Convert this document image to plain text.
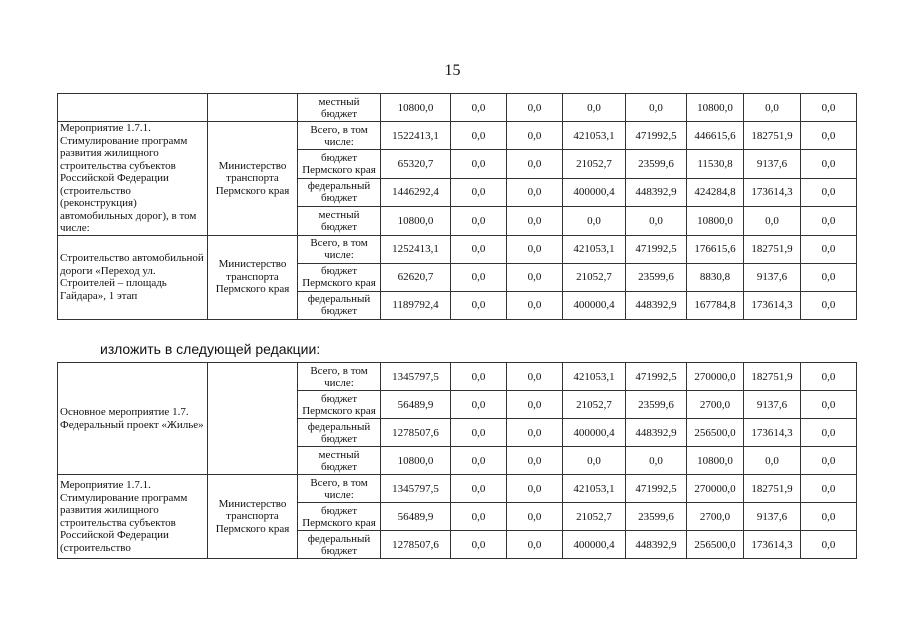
15
		местный бюджет	10800,0	0,0	0,0	0,0	0,0	10800,0	0,0	0,0
Мероприятие 1.7.1. Стимулирование программ развития жилищного строительства субъектов Российской Федерации (строительство (реконструкция) автомобильных дорог), в том числе:	Министерство транспорта Пермского края	Всего, в том числе:	1522413,1	0,0	0,0	421053,1	471992,5	446615,6	182751,9	0,0
		бюджет Пермского края	65320,7	0,0	0,0	21052,7	23599,6	11530,8	9137,6	0,0
		федеральный бюджет	1446292,4	0,0	0,0	400000,4	448392,9	424284,8	173614,3	0,0
		местный бюджет	10800,0	0,0	0,0	0,0	0,0	10800,0	0,0	0,0
Строительство автомобильной дороги «Переход ул. Строителей – площадь Гайдара», 1 этап	Министерство транспорта Пермского края	Всего, в том числе:	1252413,1	0,0	0,0	421053,1	471992,5	176615,6	182751,9	0,0
		бюджет Пермского края	62620,7	0,0	0,0	21052,7	23599,6	8830,8	9137,6	0,0
		федеральный бюджет	1189792,4	0,0	0,0	400000,4	448392,9	167784,8	173614,3	0,0
изложить в следующей редакции:
Основное мероприятие 1.7. Федеральный проект «Жилье»		Всего, в том числе:	1345797,5	0,0	0,0	421053,1	471992,5	270000,0	182751,9	0,0
		бюджет Пермского края	56489,9	0,0	0,0	21052,7	23599,6	2700,0	9137,6	0,0
		федеральный бюджет	1278507,6	0,0	0,0	400000,4	448392,9	256500,0	173614,3	0,0
		местный бюджет	10800,0	0,0	0,0	0,0	0,0	10800,0	0,0	0,0
Мероприятие 1.7.1. Стимулирование программ развития жилищного строительства субъектов Российской Федерации (строительство	Министерство транспорта Пермского края	Всего, в том числе:	1345797,5	0,0	0,0	421053,1	471992,5	270000,0	182751,9	0,0
		бюджет Пермского края	56489,9	0,0	0,0	21052,7	23599,6	2700,0	9137,6	0,0
		федеральный бюджет	1278507,6	0,0	0,0	400000,4	448392,9	256500,0	173614,3	0,0
